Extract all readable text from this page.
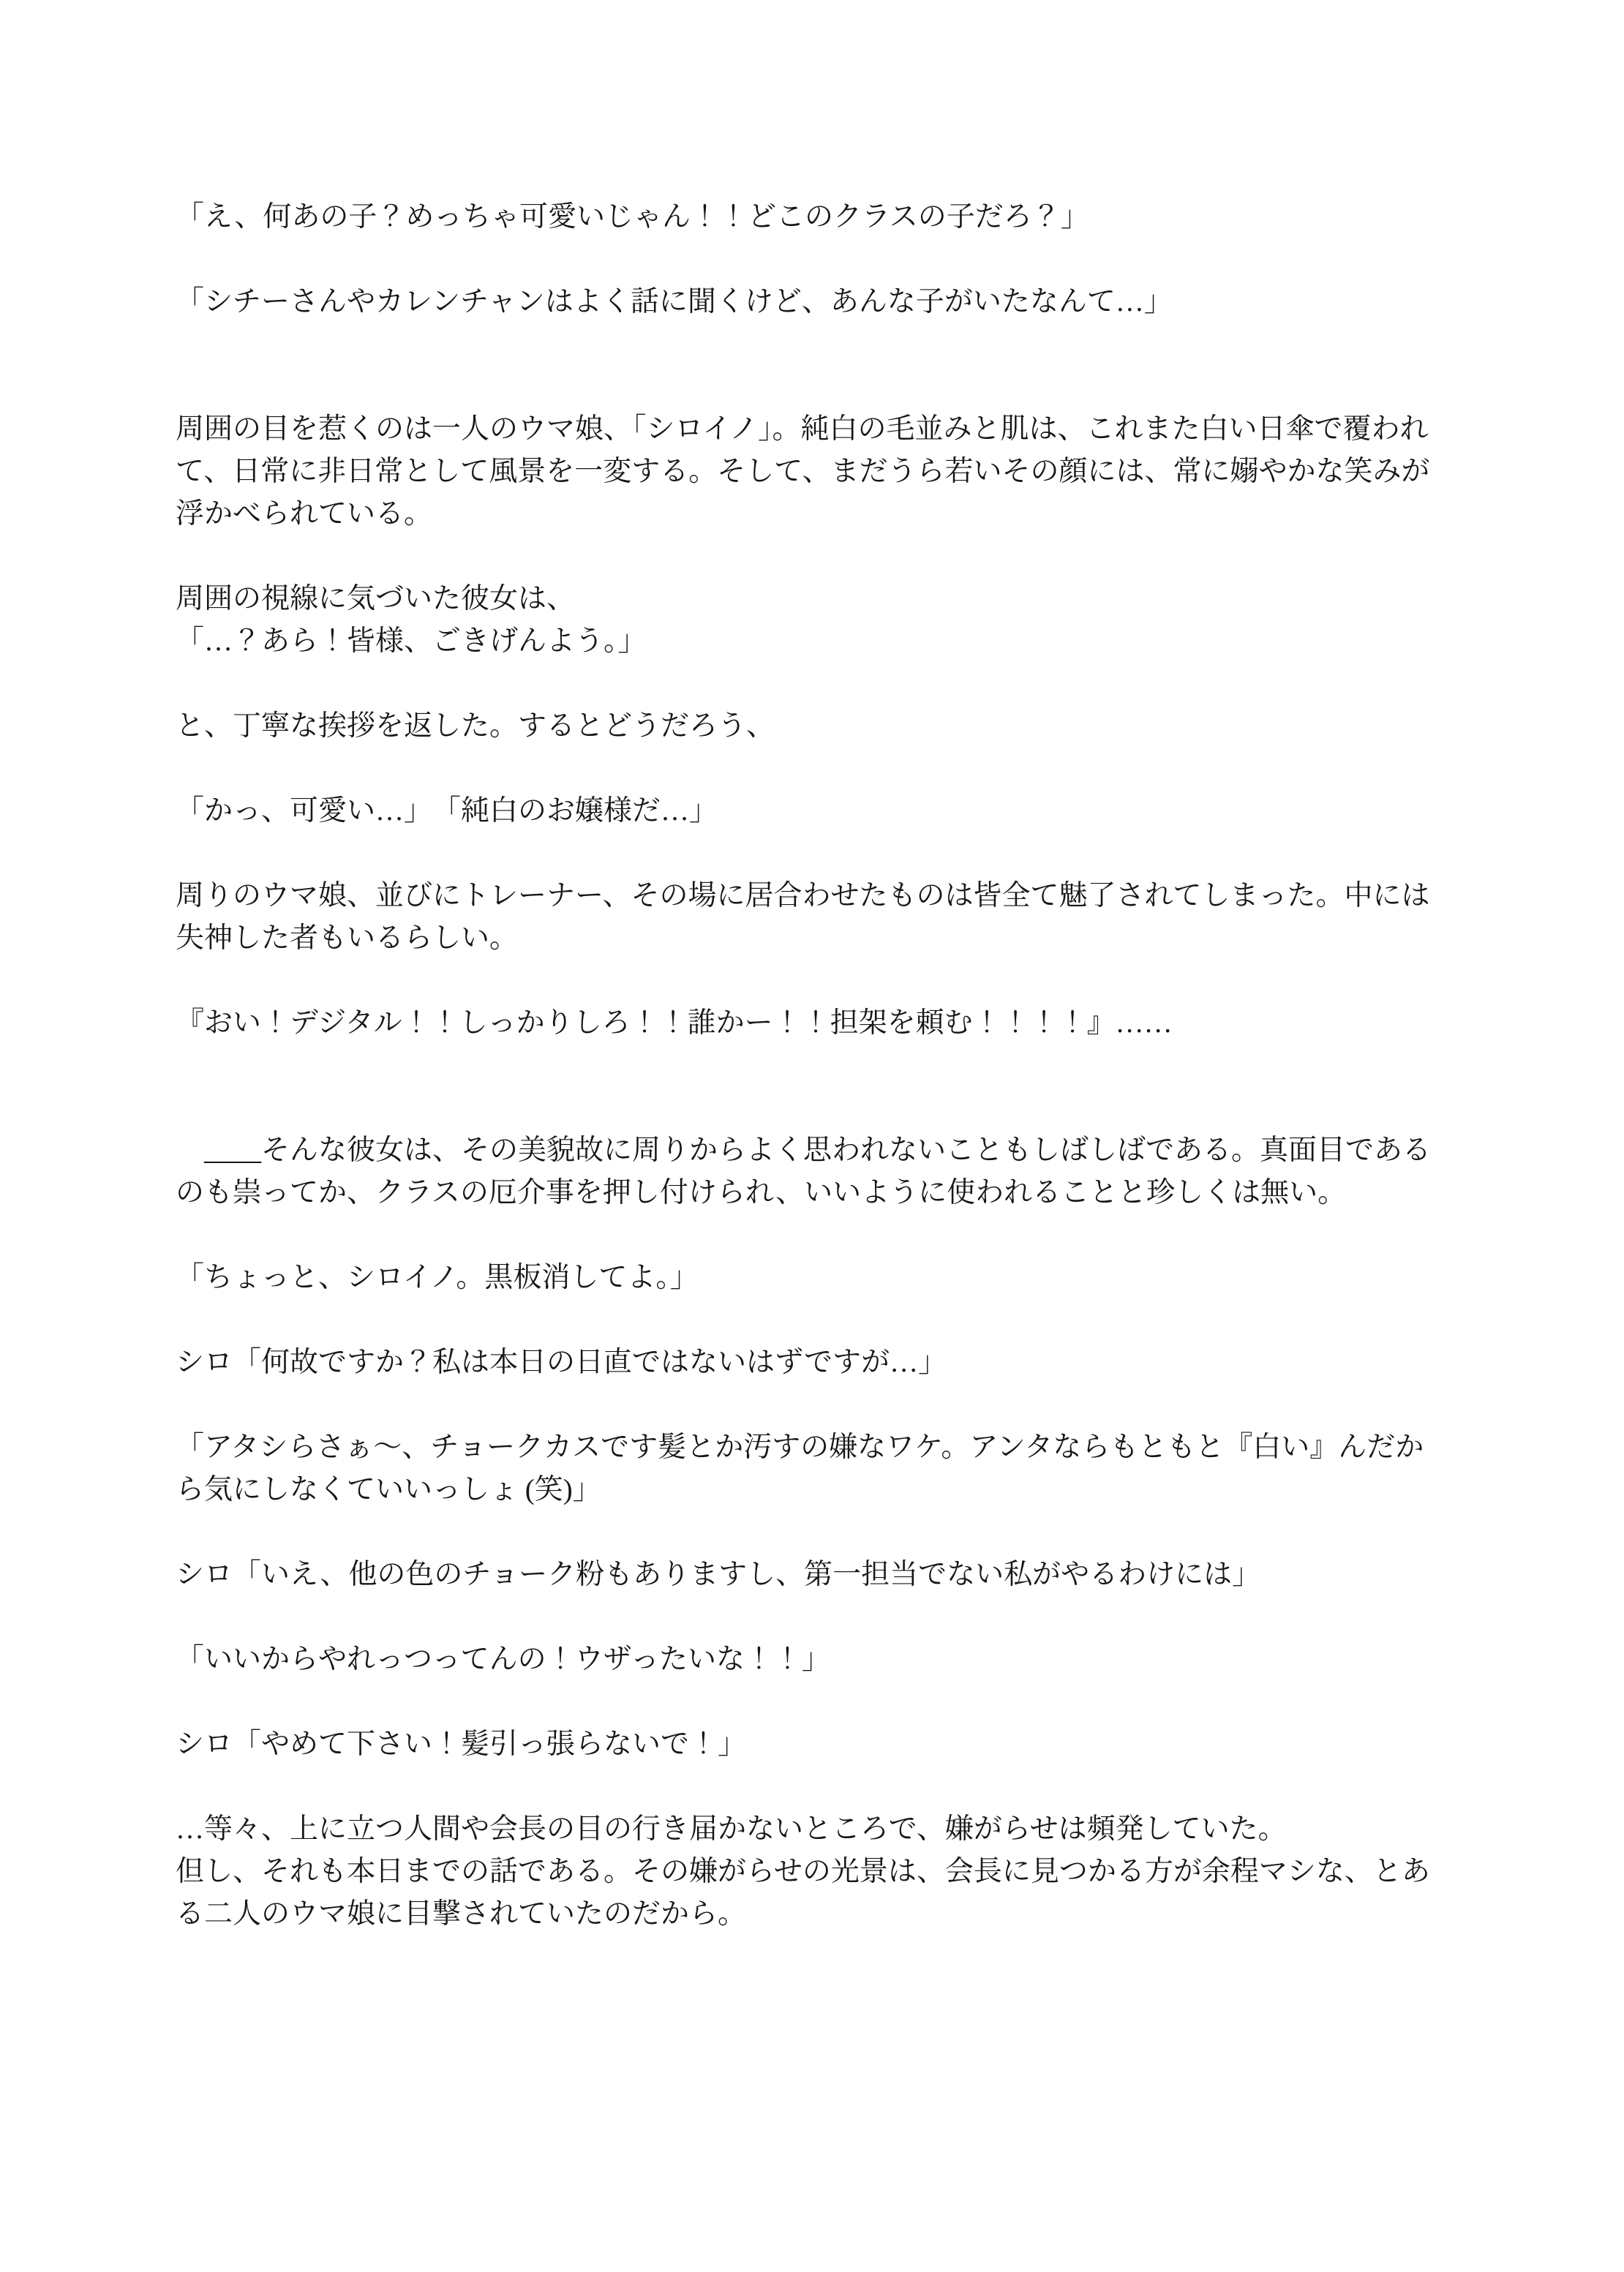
「え、何あの子？めっちゃ可愛いじゃん！！どこのクラスの子だろ？」
「シチーさんやカレンチャンはよく話に聞くけど、あんな子がいたなんて…」
周囲の目を惹くのは一人のウマ娘、「シロイノ」。純白の毛並みと肌は、これまた白い日傘で覆われて、日常に非日常として風景を一変する。そして、まだうら若いその顔には、常に嫋やかな笑みが浮かべられている。
周囲の視線に気づいた彼女は、
「…？あら！皆様、ごきげんよう。」
と、丁寧な挨拶を返した。するとどうだろう、
「かっ、可愛い…」　「純白のお嬢様だ…」
周りのウマ娘、並びにトレーナー、その場に居合わせたものは皆全て魅了されてしまった。中には失神した者もいるらしい。
『おい！デジタル！！しっかりしろ！！誰かー！！担架を頼む！！！！』……
　____そんな彼女は、その美貌故に周りからよく思われないこともしばしばである。真面目であるのも祟ってか、クラスの厄介事を押し付けられ、いいように使われることと珍しくは無い。
「ちょっと、シロイノ。黒板消してよ。」
シロ「何故ですか？私は本日の日直ではないはずですが…」
「アタシらさぁ～、チョークカスです髪とか汚すの嫌なワケ。アンタならもともと『白い』んだから気にしなくていいっしょ (笑)」
シロ「いえ、他の色のチョーク粉もありますし、第一担当でない私がやるわけには」
「いいからやれっつってんの！ウザったいな！！」
シロ「やめて下さい！髪引っ張らないで！」
…等々、上に立つ人間や会長の目の行き届かないところで、嫌がらせは頻発していた。
但し、それも本日までの話である。その嫌がらせの光景は、会長に見つかる方が余程マシな、とある二人のウマ娘に目撃されていたのだから。
